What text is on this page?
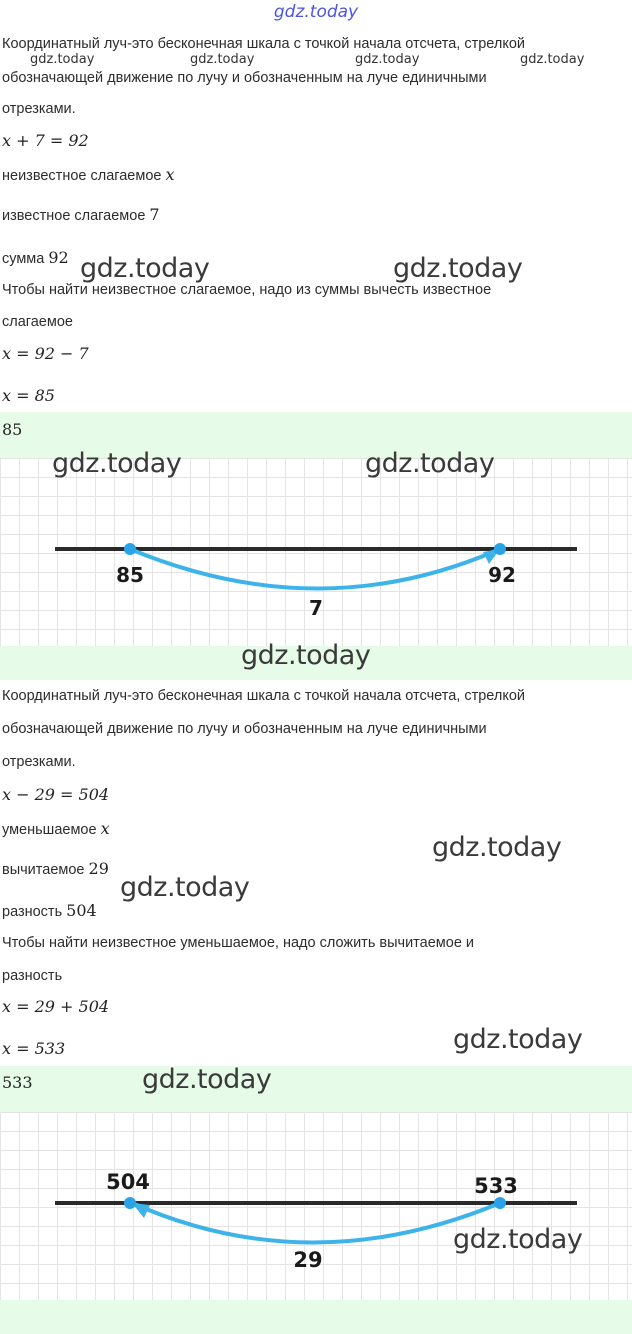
gdz.today
gdz.today	gdz.today	gdz.today	gdz.today
Координатный луч-это бесконечная шкала с точкой начала отсчета, стрелкой
обозначающей движение по лучу и обозначенным на луче единичными
отрезками.
x + 7 = 92
неизвестное слагаемое x
известное слагаемое 7
сумма 92 gdz.today	gdz.today
Чтобы найти неизвестное слагаемое, надо из суммы вычесть известное
слагаемое
x = 92 − 7
x = 85
85
85	92
7
gdz.today	gdz.today
gdz.today
Координатный луч-это бесконечная шкала с точкой начала отсчета, стрелкой
обозначающей движение по лучу и обозначенным на луче единичными
отрезками.
x − 29 = 504
уменьшаемое x
gdz.today
вычитаемое 29
gdz.today
разность 504
Чтобы найти неизвестное уменьшаемое, надо сложить вычитаемое и
разность
x = 29 + 504
x = 533	gdz.today
533	gdz.today
504	533
29
gdz.today
